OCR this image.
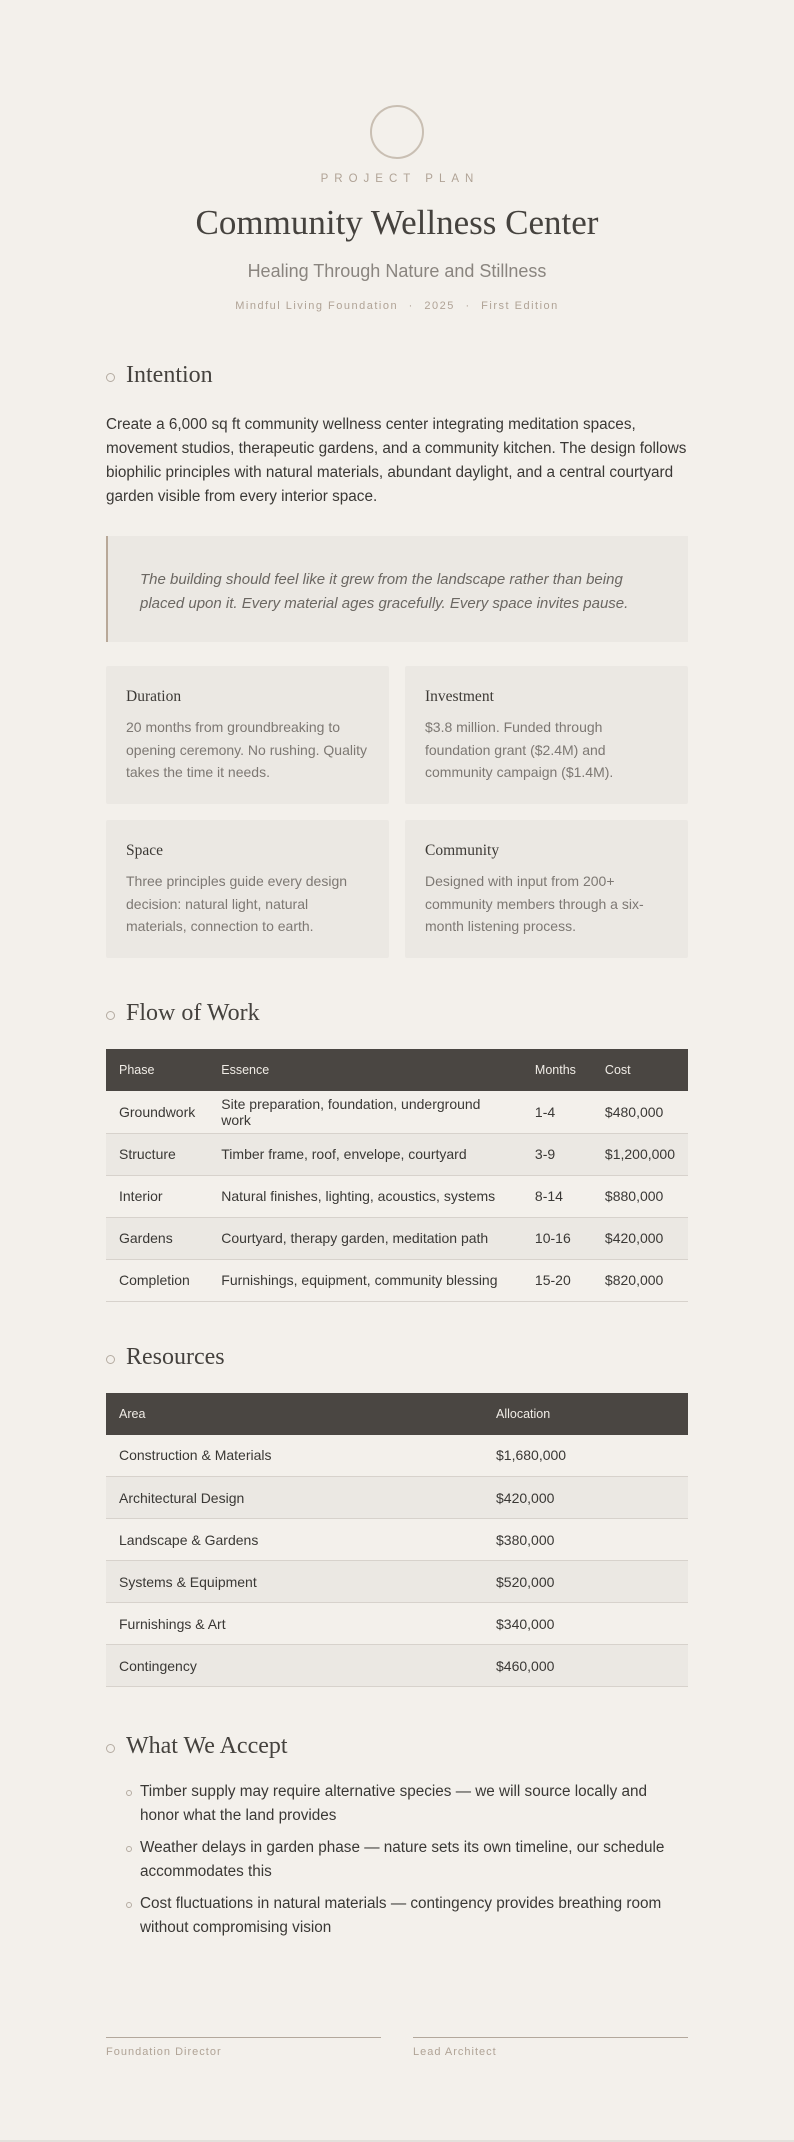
PROJECT PLAN
Community Wellness Center
Healing Through Nature and Stillness
Mindful Living Foundation · 2025 · First Edition
Intention

Create a 6,000 sq ft community wellness center integrating meditation spaces, movement studios, therapeutic gardens, and a community kitchen. The design follows biophilic principles with natural materials, abundant daylight, and a central courtyard garden visible from every interior space.

The building should feel like it grew from the landscape rather than being placed upon it. Every material ages gracefully. Every space invites pause.
Duration

20 months from groundbreaking to opening ceremony. No rushing. Quality takes the time it needs.

Investment

$3.8 million. Funded through foundation grant ($2.4M) and community campaign ($1.4M).

Space

Three principles guide every design decision: natural light, natural materials, connection to earth.

Community

Designed with input from 200+ community members through a six-month listening process.

Flow of Work
Phase	Essence	Months	Cost
Groundwork	Site preparation, foundation, underground work	1-4	$480,000
Structure	Timber frame, roof, envelope, courtyard	3-9	$1,200,000
Interior	Natural finishes, lighting, acoustics, systems	8-14	$880,000
Gardens	Courtyard, therapy garden, meditation path	10-16	$420,000
Completion	Furnishings, equipment, community blessing	15-20	$820,000
Resources
Area	Allocation
Construction & Materials	$1,680,000
Architectural Design	$420,000
Landscape & Gardens	$380,000
Systems & Equipment	$520,000
Furnishings & Art	$340,000
Contingency	$460,000
What We Accept
Timber supply may require alternative species — we will source locally and honor what the land provides
Weather delays in garden phase — nature sets its own timeline, our schedule accommodates this
Cost fluctuations in natural materials — contingency provides breathing room without compromising vision
Foundation Director	Lead Architect
